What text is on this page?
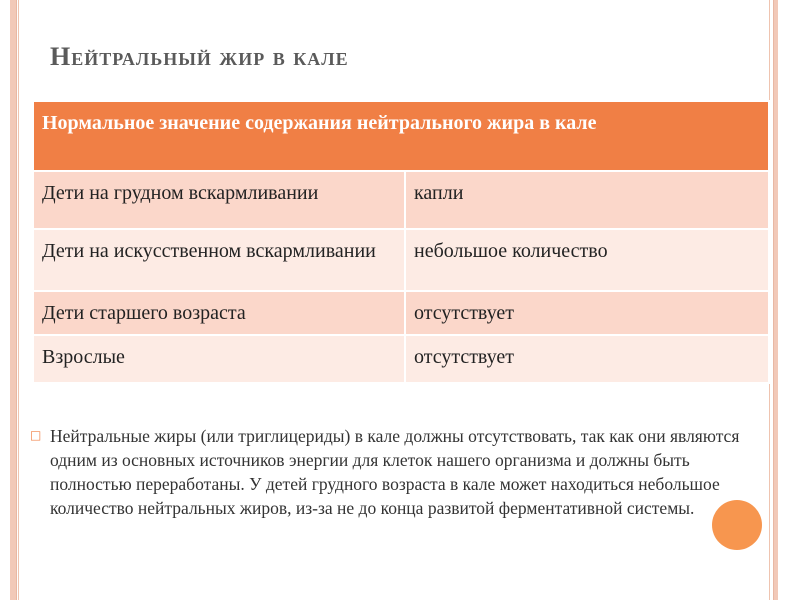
Нейтральный жир в кале
Нормальное значение содержания нейтрального жира в кале	
Дети на грудном вскармливании	капли
Дети на искусственном вскармливании	небольшое количество
Дети старшего возраста	отсутствует
Взрослые	отсутствует
□ Нейтральные жиры (или триглицериды) в кале должны отсутствовать, так как они являются одним из основных источников энергии для клеток нашего организма и должны быть полностью переработаны. У детей грудного возраста в кале может находиться небольшое количество нейтральных жиров, из-за не до конца развитой ферментативной системы.
